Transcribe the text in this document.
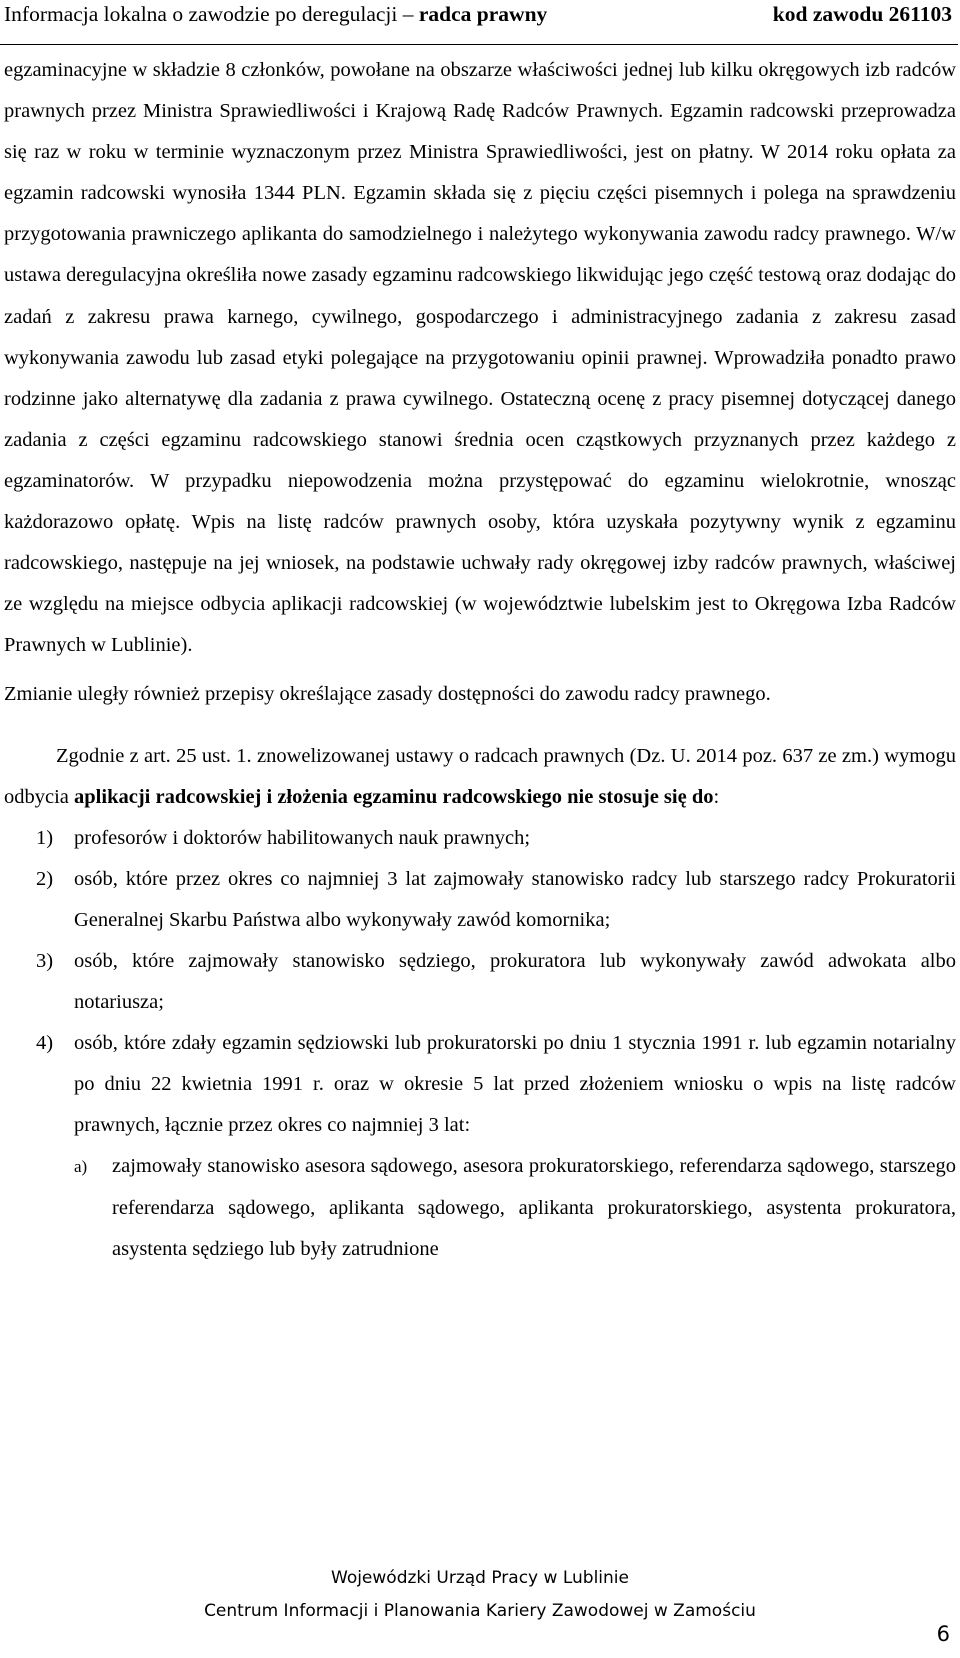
Informacja lokalna o zawodzie po deregulacji – radca prawny	kod zawodu 261103

egzaminacyjne w składzie 8 członków, powołane na obszarze właściwości jednej lub kilku okręgowych izb radców prawnych przez Ministra Sprawiedliwości i Krajową Radę Radców Prawnych. Egzamin radcowski przeprowadza się raz w roku w terminie wyznaczonym przez Ministra Sprawiedliwości, jest on płatny. W 2014 roku opłata za egzamin radcowski wynosiła 1344 PLN. Egzamin składa się z pięciu części pisemnych i polega na sprawdzeniu przygotowania prawniczego aplikanta do samodzielnego i należytego wykonywania zawodu radcy prawnego. W/w ustawa deregulacyjna określiła nowe zasady egzaminu radcowskiego likwidując jego część testową oraz dodając do zadań z zakresu prawa karnego, cywilnego, gospodarczego i administracyjnego zadania z zakresu zasad wykonywania zawodu lub zasad etyki polegające na przygotowaniu opinii prawnej. Wprowadziła ponadto prawo rodzinne jako alternatywę dla zadania z prawa cywilnego. Ostateczną ocenę z pracy pisemnej dotyczącej danego zadania z części egzaminu radcowskiego stanowi średnia ocen cząstkowych przyznanych przez każdego z egzaminatorów. W przypadku niepowodzenia można przystępować do egzaminu wielokrotnie, wnosząc każdorazowo opłatę. Wpis na listę radców prawnych osoby, która uzyskała pozytywny wynik z egzaminu radcowskiego, następuje na jej wniosek, na podstawie uchwały rady okręgowej izby radców prawnych, właściwej ze względu na miejsce odbycia aplikacji radcowskiej (w województwie lubelskim jest to Okręgowa Izba Radców Prawnych w Lublinie).

Zmianie uległy również przepisy określające zasady dostępności do zawodu radcy prawnego.

Zgodnie z art. 25 ust. 1. znowelizowanej ustawy o radcach prawnych (Dz. U. 2014 poz. 637 ze zm.) wymogu odbycia aplikacji radcowskiej i złożenia egzaminu radcowskiego nie stosuje się do:

1) profesorów i doktorów habilitowanych nauk prawnych;
2) osób, które przez okres co najmniej 3 lat zajmowały stanowisko radcy lub starszego radcy Prokuratorii Generalnej Skarbu Państwa albo wykonywały zawód komornika;
3) osób, które zajmowały stanowisko sędziego, prokuratora lub wykonywały zawód adwokata albo notariusza;
4) osób, które zdały egzamin sędziowski lub prokuratorski po dniu 1 stycznia 1991 r. lub egzamin notarialny po dniu 22 kwietnia 1991 r. oraz w okresie 5 lat przed złożeniem wniosku o wpis na listę radców prawnych, łącznie przez okres co najmniej 3 lat:
a) zajmowały stanowisko asesora sądowego, asesora prokuratorskiego, referendarza sądowego, starszego referendarza sądowego, aplikanta sądowego, aplikanta prokuratorskiego, asystenta prokuratora, asystenta sędziego lub były zatrudnione
Wojewódzki Urząd Pracy w Lublinie
Centrum Informacji i Planowania Kariery Zawodowej w Zamościu
6
